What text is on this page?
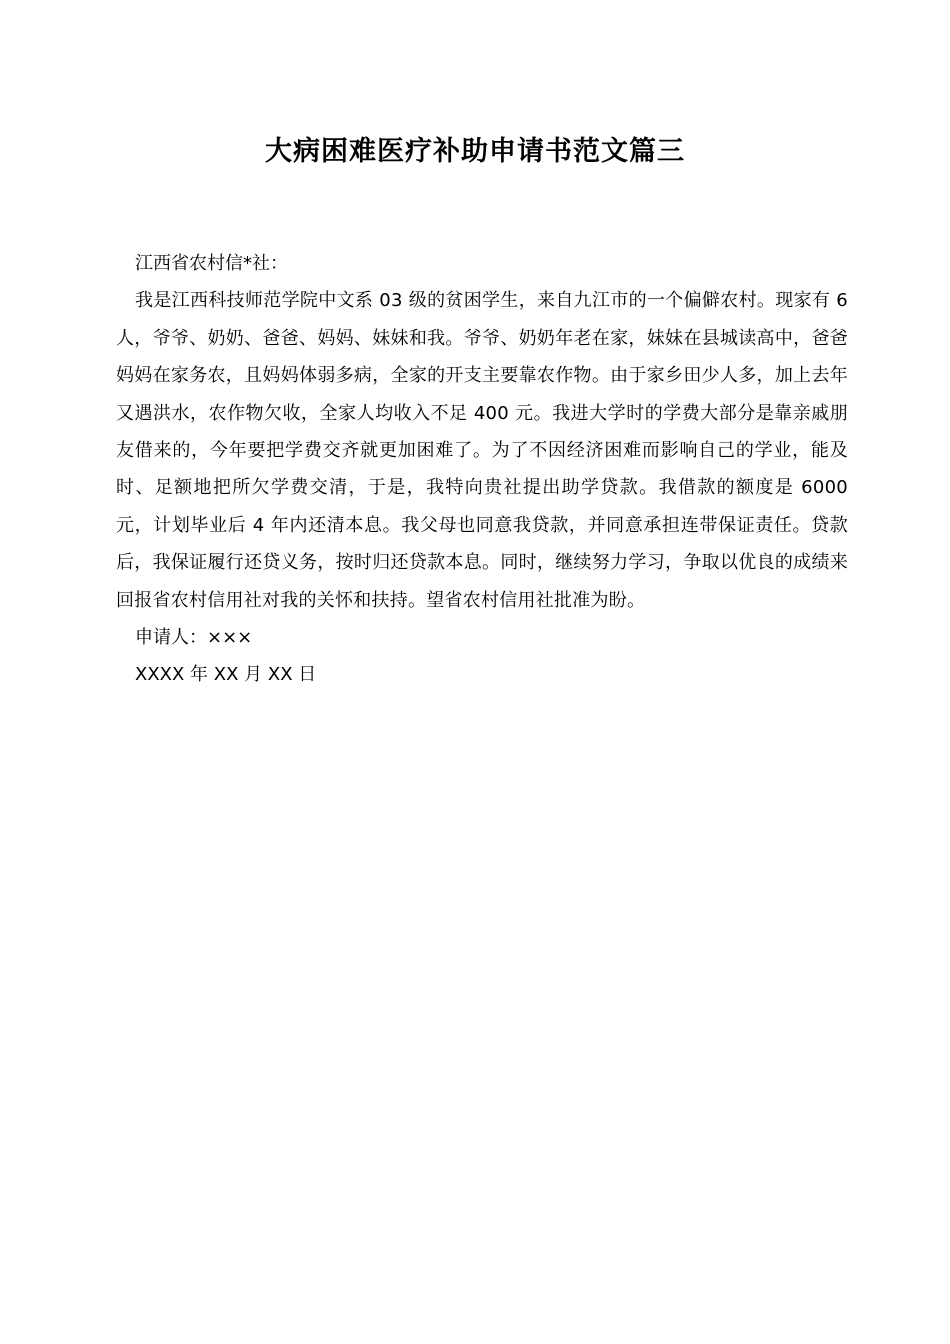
大病困难医疗补助申请书范文篇三

江西省农村信*社：

我是江西科技师范学院中文系 03 级的贫困学生，来自九江市的一个偏僻农村。现家有 6 人，爷爷、奶奶、爸爸、妈妈、妹妹和我。爷爷、奶奶年老在家，妹妹在县城读高中，爸爸妈妈在家务农，且妈妈体弱多病，全家的开支主要靠农作物。由于家乡田少人多，加上去年又遇洪水，农作物欠收，全家人均收入不足 400 元。我进大学时的学费大部分是靠亲戚朋友借来的，今年要把学费交齐就更加困难了。为了不因经济困难而影响自己的学业，能及时、足额地把所欠学费交清，于是，我特向贵社提出助学贷款。我借款的额度是 6000 元，计划毕业后 4 年内还清本息。我父母也同意我贷款，并同意承担连带保证责任。贷款后，我保证履行还贷义务，按时归还贷款本息。同时，继续努力学习，争取以优良的成绩来回报省农村信用社对我的关怀和扶持。望省农村信用社批准为盼。

申请人：×××

XXXX 年 XX 月 XX 日
